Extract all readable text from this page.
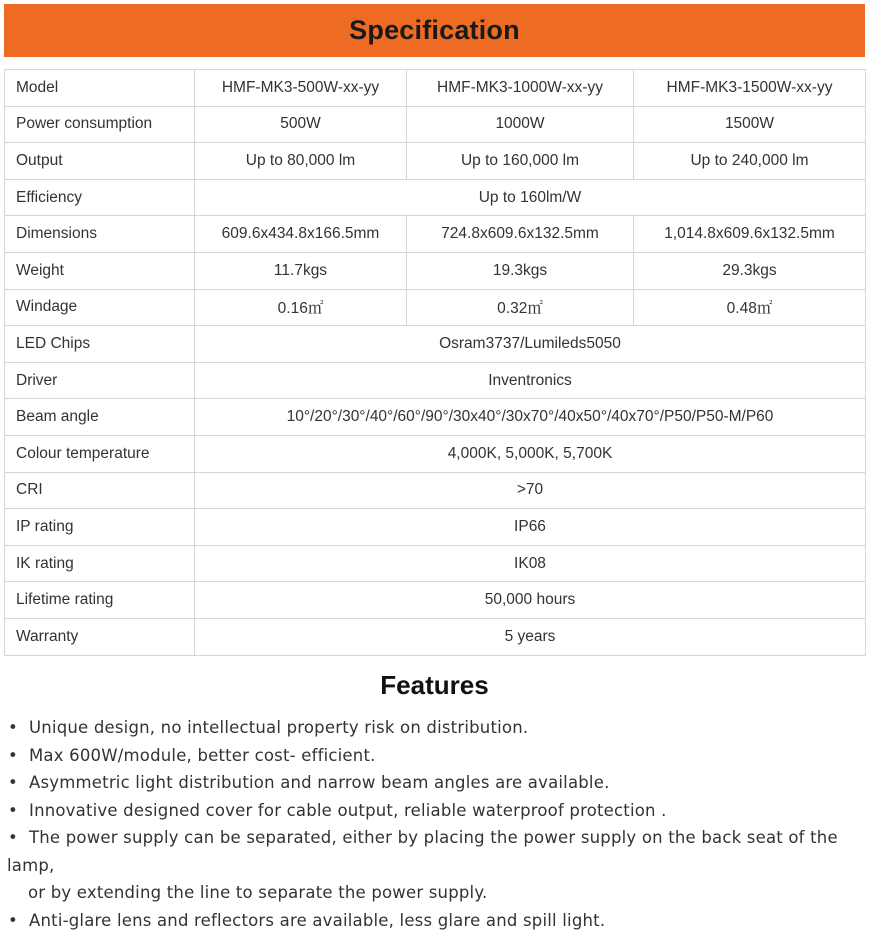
Specification
Model	HMF-MK3-500W-xx-yy	HMF-MK3-1000W-xx-yy	HMF-MK3-1500W-xx-yy
Power consumption	500W	1000W	1500W
Output	Up to 80,000 lm	Up to 160,000 lm	Up to 240,000 lm
Efficiency	Up to 160lm/W		
Dimensions	609.6x434.8x166.5mm	724.8x609.6x132.5mm	1,014.8x609.6x132.5mm
Weight	11.7kgs	19.3kgs	29.3kgs
Windage	0.16㎡	0.32㎡	0.48㎡
LED Chips	Osram3737/Lumileds5050		
Driver	Inventronics		
Beam angle	10°/20°/30°/40°/60°/90°/30x40°/30x70°/40x50°/40x70°/P50/P50-M/P60		
Colour temperature	4,000K, 5,000K, 5,700K		
CRI	>70		
IP rating	IP66		
IK rating	IK08		
Lifetime rating	50,000 hours		
Warranty	5 years		
Features
• Unique design, no intellectual property risk on distribution.
• Max 600W/module, better cost- efficient.
• Asymmetric light distribution and narrow beam angles are available.
• Innovative designed cover for cable output, reliable waterproof protection .
• The power supply can be separated, either by placing the power supply on the back seat of the lamp,
or by extending the line to separate the power supply.
• Anti-glare lens and reflectors are available, less glare and spill light.
